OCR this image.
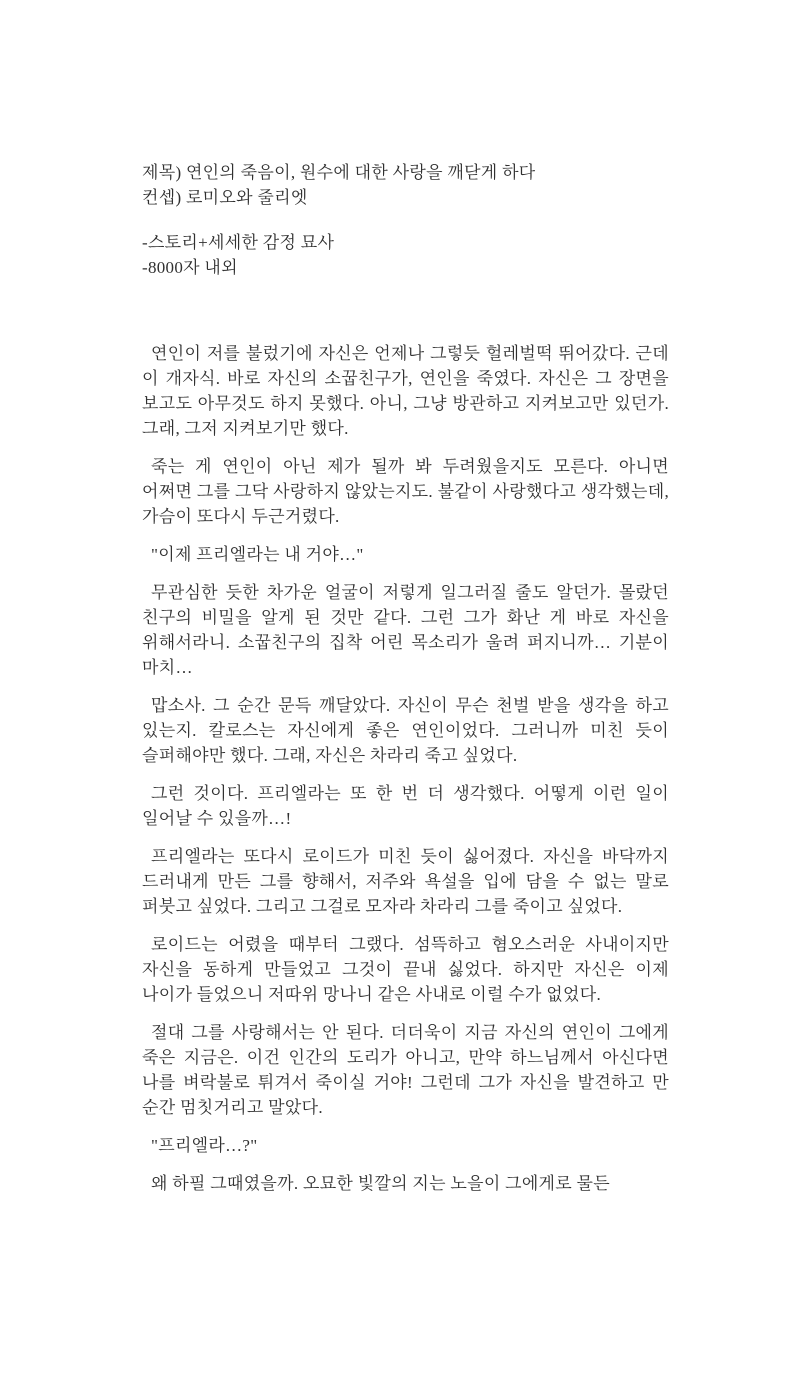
제목) 연인의 죽음이, 원수에 대한 사랑을 깨닫게 하다

컨셉) 로미오와 줄리엣

-스토리+세세한 감정 묘사

-8000자 내외

연인이 저를 불렀기에 자신은 언제나 그렇듯 헐레벌떡 뛰어갔다. 근데 이 개자식. 바로 자신의 소꿉친구가, 연인을 죽였다. 자신은 그 장면을 보고도 아무것도 하지 못했다. 아니, 그냥 방관하고 지켜보고만 있던가. 그래, 그저 지켜보기만 했다.

죽는 게 연인이 아닌 제가 될까 봐 두려웠을지도 모른다. 아니면 어쩌면 그를 그닥 사랑하지 않았는지도. 불같이 사랑했다고 생각했는데, 가슴이 또다시 두근거렸다.

"이제 프리엘라는 내 거야…"

무관심한 듯한 차가운 얼굴이 저렇게 일그러질 줄도 알던가. 몰랐던 친구의 비밀을 알게 된 것만 같다. 그런 그가 화난 게 바로 자신을 위해서라니. 소꿉친구의 집착 어린 목소리가 울려 퍼지니까… 기분이 마치…

맙소사. 그 순간 문득 깨달았다. 자신이 무슨 천벌 받을 생각을 하고 있는지. 칼로스는 자신에게 좋은 연인이었다. 그러니까 미친 듯이 슬퍼해야만 했다. 그래, 자신은 차라리 죽고 싶었다.

그런 것이다. 프리엘라는 또 한 번 더 생각했다. 어떻게 이런 일이 일어날 수 있을까…!

프리엘라는 또다시 로이드가 미친 듯이 싫어졌다. 자신을 바닥까지 드러내게 만든 그를 향해서, 저주와 욕설을 입에 담을 수 없는 말로 퍼붓고 싶었다. 그리고 그걸로 모자라 차라리 그를 죽이고 싶었다.

로이드는 어렸을 때부터 그랬다. 섬뜩하고 혐오스러운 사내이지만 자신을 동하게 만들었고 그것이 끝내 싫었다. 하지만 자신은 이제 나이가 들었으니 저따위 망나니 같은 사내로 이럴 수가 없었다.

절대 그를 사랑해서는 안 된다. 더더욱이 지금 자신의 연인이 그에게 죽은 지금은. 이건 인간의 도리가 아니고, 만약 하느님께서 아신다면 나를 벼락불로 튀겨서 죽이실 거야! 그런데 그가 자신을 발견하고 만 순간 멈칫거리고 말았다.

"프리엘라…?"

왜 하필 그때였을까. 오묘한 빛깔의 지는 노을이 그에게로 물든
